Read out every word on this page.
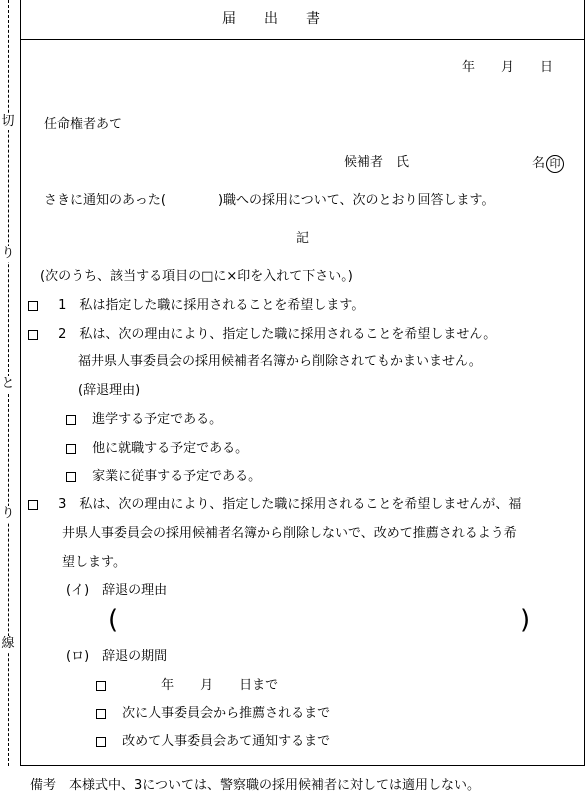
切
り
と
り
線
届　　出　　書
年　　月　　日
任命権者あて
候補者　氏	名 印
さきに通知のあった(　　　　)職への採用について、次のとおり回答します。
記
(次のうち、該当する項目の□に×印を入れて下さい。)
1　私は指定した職に採用されることを希望します。
2　私は、次の理由により、指定した職に採用されることを希望しません。
福井県人事委員会の採用候補者名簿から削除されてもかまいません。
(辞退理由)
進学する予定である。
他に就職する予定である。
家業に従事する予定である。
3　私は、次の理由により、指定した職に採用されることを希望しませんが、福
井県人事委員会の採用候補者名簿から削除しないで、改めて推薦されるよう希
望します。
(イ)　辞退の理由
(	)
(ロ)　辞退の期間
　　　年　　月　　日まで
次に人事委員会から推薦されるまで
改めて人事委員会あて通知するまで
備考　本様式中、3については、警察職の採用候補者に対しては適用しない。
